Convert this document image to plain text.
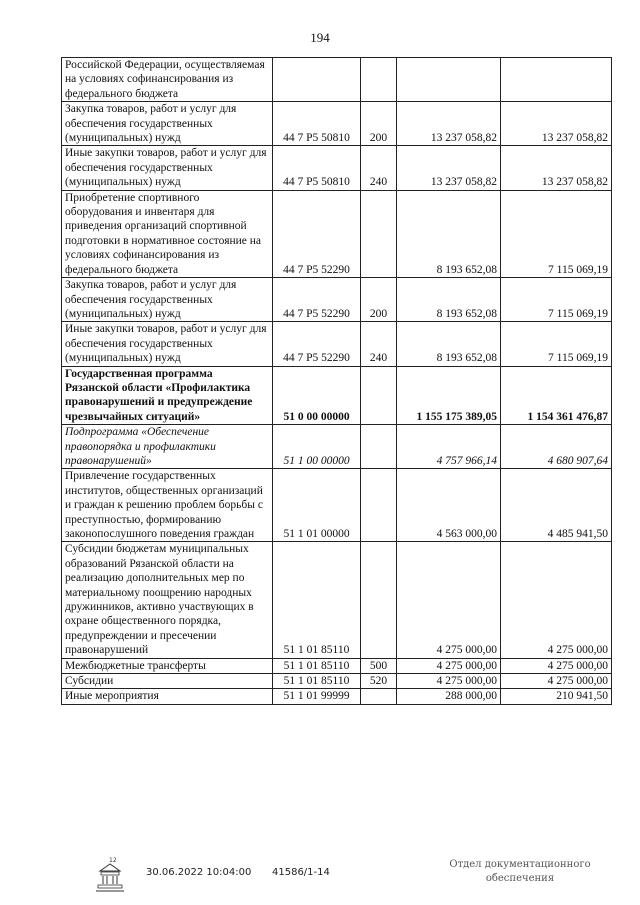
194
Российской Федерации, осуществляемая на условиях софинансирования из федерального бюджета				
Закупка товаров, работ и услуг для обеспечения государственных (муниципальных) нужд	44 7 P5 50810	200	13 237 058,82	13 237 058,82
Иные закупки товаров, работ и услуг для обеспечения государственных (муниципальных) нужд	44 7 P5 50810	240	13 237 058,82	13 237 058,82
Приобретение спортивного оборудования и инвентаря для приведения организаций спортивной подготовки в нормативное состояние на условиях софинансирования из федерального бюджета	44 7 P5 52290		8 193 652,08	7 115 069,19
Закупка товаров, работ и услуг для обеспечения государственных (муниципальных) нужд	44 7 P5 52290	200	8 193 652,08	7 115 069,19
Иные закупки товаров, работ и услуг для обеспечения государственных (муниципальных) нужд	44 7 P5 52290	240	8 193 652,08	7 115 069,19
Государственная программа Рязанской области «Профилактика правонарушений и предупреждение чрезвычайных ситуаций»	51 0 00 00000		1 155 175 389,05	1 154 361 476,87
Подпрограмма «Обеспечение правопорядка и профилактики правонарушений»	51 1 00 00000		4 757 966,14	4 680 907,64
Привлечение государственных институтов, общественных организаций и граждан к решению проблем борьбы с преступностью, формированию законопослушного поведения граждан	51 1 01 00000		4 563 000,00	4 485 941,50
Субсидии бюджетам муниципальных образований Рязанской области на реализацию дополнительных мер по материальному поощрению народных дружинников, активно участвующих в охране общественного порядка, предупреждении и пресечении правонарушений	51 1 01 85110		4 275 000,00	4 275 000,00
Межбюджетные трансферты	51 1 01 85110	500	4 275 000,00	4 275 000,00
Субсидии	51 1 01 85110	520	4 275 000,00	4 275 000,00
Иные мероприятия	51 1 01 99999		288 000,00	210 941,50
12
30.06.2022 10:04:00 41586/1-14
Отдел документационного обеспечения
